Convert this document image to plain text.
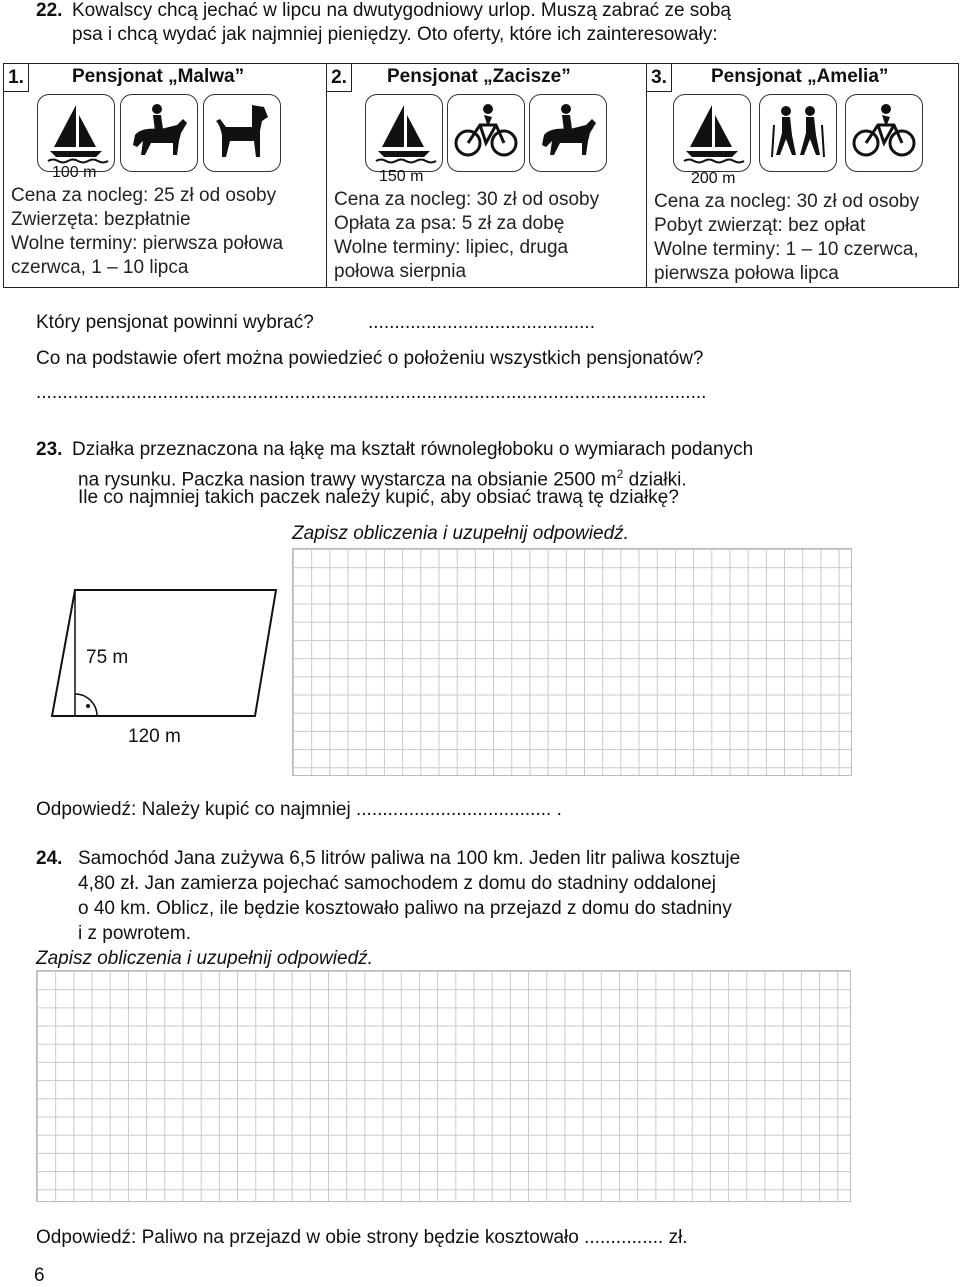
22. Kowalscy chcą jechać w lipcu na dwutygodniowy urlop. Muszą zabrać ze sobą
psa i chcą wydać jak najmniej pieniędzy. Oto oferty, które ich zainteresowały:
1.	Pensjonat „Malwa”
100 m
Cena za nocleg: 25 zł od osoby
Zwierzęta: bezpłatnie
Wolne terminy: pierwsza połowa
czerwca, 1 – 10 lipca
2. Pensjonat „Zacisze”
150 m
Cena za nocleg: 30 zł od osoby
Opłata za psa: 5 zł za dobę
Wolne terminy: lipiec, druga
połowa sierpnia
3. Pensjonat „Amelia”
200 m
Cena za nocleg: 30 zł od osoby
Pobyt zwierząt: bez opłat
Wolne terminy: 1 – 10 czerwca,
pierwsza połowa lipca
Który pensjonat powinni wybrać?	...........................................
Co na podstawie ofert można powiedzieć o położeniu wszystkich pensjonatów?
...............................................................................................................................
23. Działka przeznaczona na łąkę ma kształt równoległoboku o wymiarach podanych
na rysunku. Paczka nasion trawy wystarcza na obsianie 2500 $m^2$ działki.
Ile co najmniej takich paczek należy kupić, aby obsiać trawą tę działkę?
Zapisz obliczenia i uzupełnij odpowiedź.
75 m
120 m
Odpowiedź: Należy kupić co najmniej ..................................... .
24. Samochód Jana zużywa 6,5 litrów paliwa na 100 km. Jeden litr paliwa kosztuje
4,80 zł. Jan zamierza pojechać samochodem z domu do stadniny oddalonej
o 40 km. Oblicz, ile będzie kosztowało paliwo na przejazd z domu do stadniny
i z powrotem.
Zapisz obliczenia i uzupełnij odpowiedź.
Odpowiedź: Paliwo na przejazd w obie strony będzie kosztowało ............... zł.
6
